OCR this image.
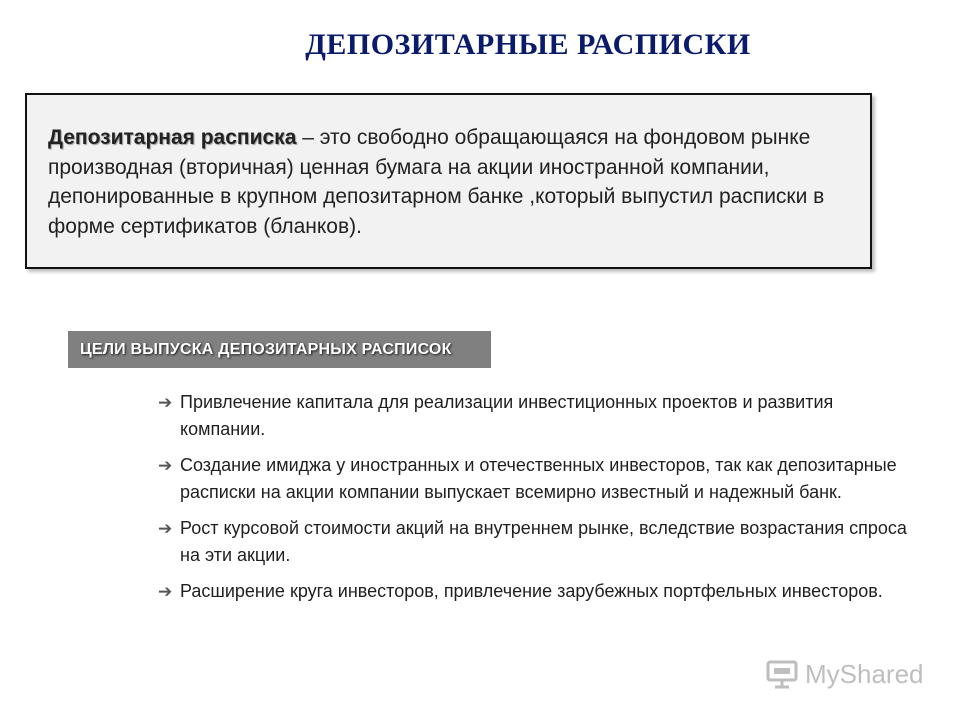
ДЕПОЗИТАРНЫЕ РАСПИСКИ
Депозитарная расписка – это свободно обращающаяся на фондовом рынке производная (вторичная) ценная бумага на акции иностранной компании, депонированные в крупном депозитарном банке ,который выпустил расписки в форме сертификатов (бланков).
ЦЕЛИ ВЫПУСКА ДЕПОЗИТАРНЫХ РАСПИСОК
➔ Привлечение капитала для реализации инвестиционных проектов и развития компании.
➔ Создание имиджа у иностранных и отечественных инвесторов, так как депозитарные расписки на акции компании выпускает всемирно известный и надежный банк.
➔ Рост курсовой стоимости акций на внутреннем рынке, вследствие возрастания спроса на эти акции.
➔ Расширение круга инвесторов, привлечение зарубежных портфельных инвесторов.
MyShared
